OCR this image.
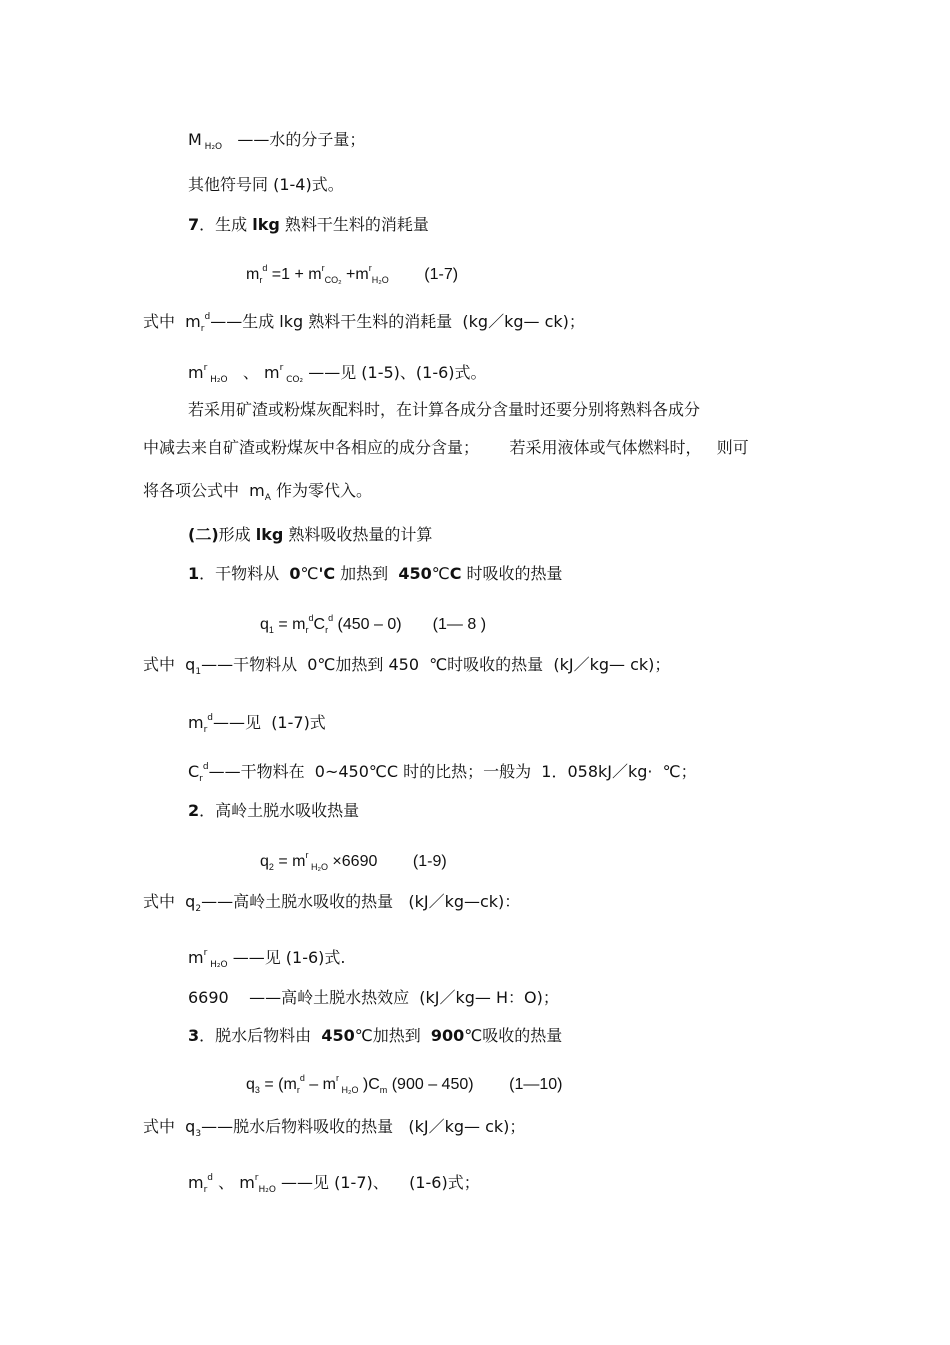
M $_{H_2O}$   ——水的分子量；
其他符号同 (1-4)式。
7．生成 lkg 熟料干生料的消耗量
$m_r^d =1 + m^r_{CO_2} +m^r_{H_2O}$        (1-7)
式中  $m_r^d——$生成 lkg 熟料干生料的消耗量  (kg／kg— ck)；
$m^r$ $_{H_2O}$   、 $m^r$ $_{CO_2}$ ——见 (1-5)、(1-6)式。
若采用矿渣或粉煤灰配料时，在计算各成分含量时还要分别将熟料各成分
中减去来自矿渣或粉煤灰中各相应的成分含量；      若采用液体或气体燃料时，   则可
将各项公式中  $m_A$ 作为零代入。
(二)形成 lkg 熟料吸收热量的计算
1．干物料从  0℃'C 加热到  450℃C 时吸收的热量
$q_1 = m_r^dC_r^d$ (450 – 0)       (1— 8 )
式中  $q_1——$干物料从  0℃加热到 450  ℃时吸收的热量  (kJ／kg— ck)；
$m_r^d——$见  (1-7)式
$C_r^d——$干物料在  0~450℃C 时的比热；一般为  1．058kJ／kg·  ℃；
2．高岭土脱水吸收热量
$q_2 = m^r$ $_{H_2O}$ ×6690        (1-9)
式中  $q_2——$高岭土脱水吸收的热量   (kJ／kg—ck)：
$m^r$ $_{H_2O}$ ——见 (1-6)式.
6690    ——高岭土脱水热效应  (kJ／kg— H：O)；
3．脱水后物料由  450℃加热到  900℃吸收的热量
$q_3 = (m_r^d - m^r$ $_{H_2O}$ )$C_m$ (900 – 450)        (1—10)
式中  $q_3——$脱水后物料吸收的热量   (kJ／kg— ck)；
$m_r^d$ 、 $m^r_{H_2O}$ ——见 (1-7)、    (1-6)式；
